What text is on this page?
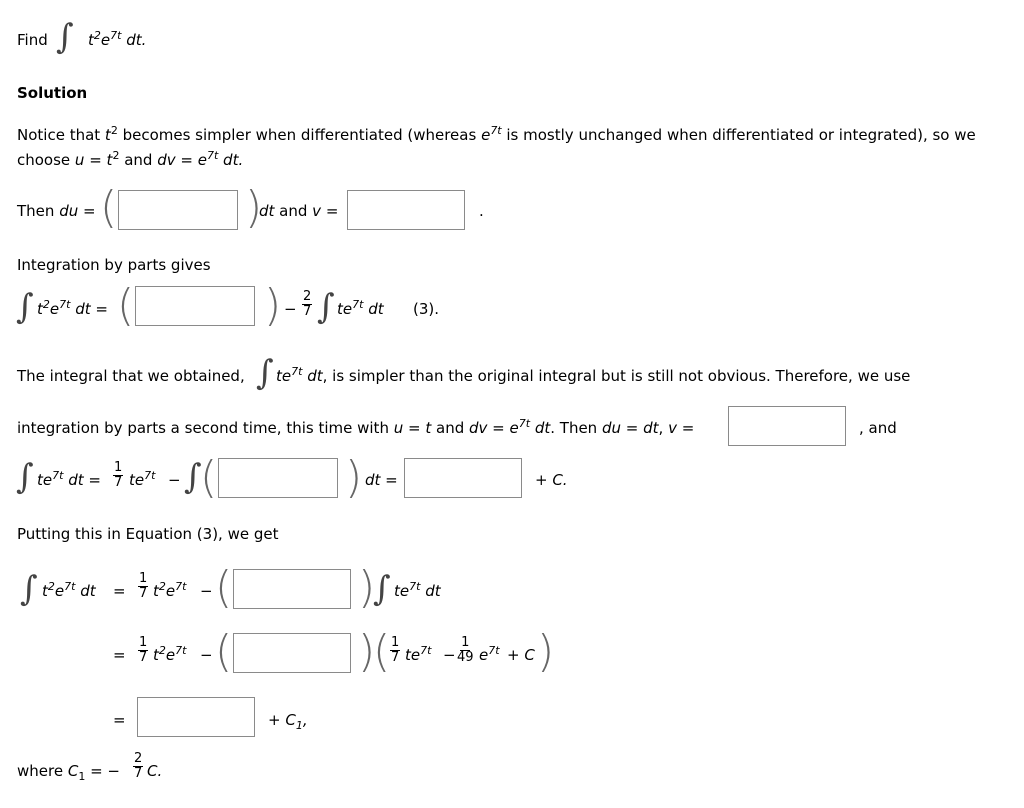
Find ∫ $t^2e^{7t}$ dt.
Solution
Notice that $t^2$ becomes simpler when differentiated (whereas $e^{7t}$ is mostly unchanged when differentiated or integrated), so we
choose $u = t^2$ and dv = $e^{7t}$ dt.
Then du = (	)
dt and v =	.
Integration by parts gives
∫ $t^2e^{7t}$ dt = (	) − $\frac{2}{7}$ ∫ $te^{7t}$ dt (3).
The integral that we obtained, ∫ $te^{7t}$ dt, is simpler than the original integral but is still not obvious. Therefore, we use
integration by parts a second time, this time with u = t and dv = $e^{7t}$ dt. Then du = dt, v =	, and
∫ $te^{7t}$ dt = $\frac{1}{7} te^{7t}$ − ∫
(	) dt =	+ C.
Putting this in Equation (3), we get
∫ $t^2e^{7t}$ dt = $\frac{1}{7} t^2e^{7t}$ − (	)
∫ $te^{7t}$ dt
= $\frac{1}{7} t^2e^{7t}$ − (	)
( $\frac{1}{7} te^{7t} - \frac{1}{49} e^{7t} + C$ )
=	+ $C_1$,
where $C_1$ = − $\frac{2}{7} C$.
